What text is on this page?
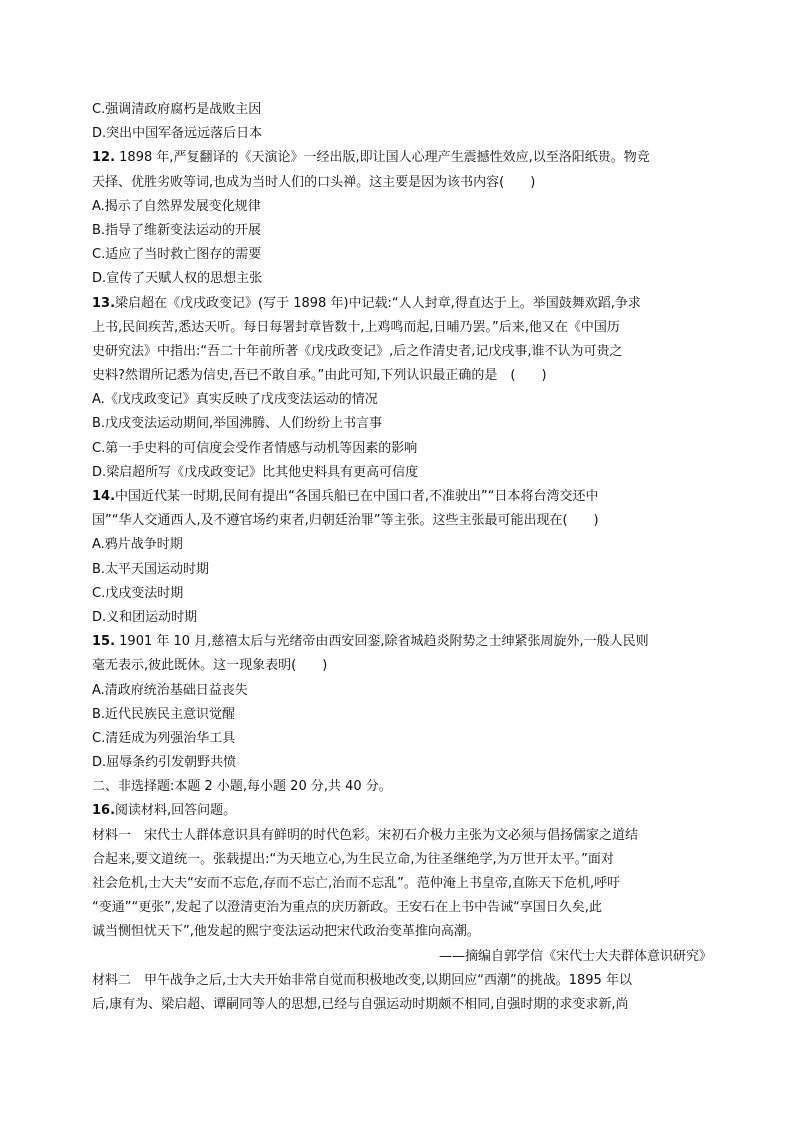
C.强调清政府腐朽是战败主因
D.突出中国军备远远落后日本
12. 1898 年,严复翻译的《天演论》一经出版,即让国人心理产生震撼性效应,以至洛阳纸贵。物竞
天择、优胜劣败等词,也成为当时人们的口头禅。这主要是因为该书内容(　　)
A.揭示了自然界发展变化规律
B.指导了维新变法运动的开展
C.适应了当时救亡图存的需要
D.宣传了天赋人权的思想主张
13.梁启超在《戊戌政变记》(写于 1898 年)中记载:“人人封章,得直达于上。举国鼓舞欢蹈,争求
上书,民间疾苦,悉达天听。每日每署封章皆数十,上鸡鸣而起,日晡乃罢。”后来,他又在《中国历
史研究法》中指出:“吾二十年前所著《戊戌政变记》,后之作清史者,记戊戌事,谁不认为可贵之
史料?然谓所记悉为信史,吾已不敢自承。”由此可知,下列认识最正确的是　(　　)
A.《戊戌政变记》真实反映了戊戌变法运动的情况
B.戊戌变法运动期间,举国沸腾、人们纷纷上书言事
C.第一手史料的可信度会受作者情感与动机等因素的影响
D.梁启超所写《戊戌政变记》比其他史料具有更高可信度
14.中国近代某一时期,民间有提出“各国兵船已在中国口者,不准驶出”“日本将台湾交还中
国”“华人交通西人,及不遵官场约束者,归朝廷治罪”等主张。这些主张最可能出现在(　　)
A.鸦片战争时期
B.太平天国运动时期
C.戊戌变法时期
D.义和团运动时期
15. 1901 年 10 月,慈禧太后与光绪帝由西安回銮,除省城趋炎附势之士绅紧张周旋外,一般人民则
毫无表示,彼此既休。这一现象表明(　　)
A.清政府统治基础日益丧失
B.近代民族民主意识觉醒
C.清廷成为列强治华工具
D.屈辱条约引发朝野共愤
二、非选择题:本题 2 小题,每小题 20 分,共 40 分。
16.阅读材料,回答问题。
材料一　宋代士人群体意识具有鲜明的时代色彩。宋初石介极力主张为文必须与倡扬儒家之道结
合起来,要文道统一。张载提出:“为天地立心,为生民立命,为往圣继绝学,为万世开太平。”面对
社会危机,士大夫“安而不忘危,存而不忘亡,治而不忘乱”。范仲淹上书皇帝,直陈天下危机,呼吁
“变通”“更张”,发起了以澄清吏治为重点的庆历新政。王安石在上书中告诫“享国日久矣,此
诚当恻怛忧天下”,他发起的熙宁变法运动把宋代政治变革推向高潮。
——摘编自郭学信《宋代士大夫群体意识研究》
材料二　甲午战争之后,士大夫开始非常自觉而积极地改变,以期回应“西潮”的挑战。1895 年以
后,康有为、梁启超、谭嗣同等人的思想,已经与自强运动时期颇不相同,自强时期的求变求新,尚
